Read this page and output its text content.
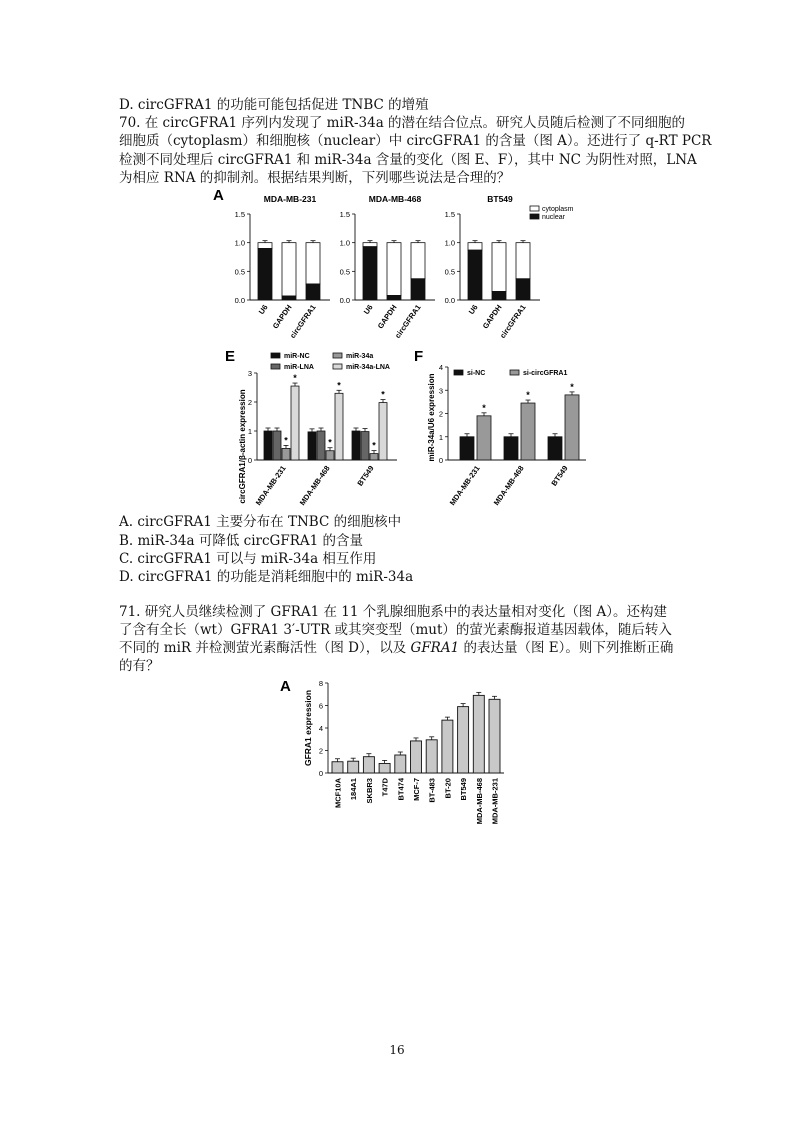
D. circGFRA1 的功能可能包括促进 TNBC 的增殖
70. 在 circGFRA1 序列内发现了 miR-34a 的潜在结合位点。研究人员随后检测了不同细胞的
细胞质（cytoplasm）和细胞核（nuclear）中 circGFRA1 的含量（图 A）。还进行了 q-RT PCR
检测不同处理后 circGFRA1 和 miR-34a 含量的变化（图 E、F），其中 NC 为阴性对照，LNA
为相应 RNA 的抑制剂。根据结果判断，下列哪些说法是合理的？
A	MDA-MB-231
0.0
0.5
1.0
1.5
U6 GAPDH
circGFRA1
MDA-MB-468
0.0
0.5
1.0
1.5
U6 GAPDH
circGFRA1
BT549
0.0
0.5
1.0
1.5
U6 GAPDH
circGFRA1
cytoplasm
nuclear
E
0
1
2
3
circGFRA1/β-actin expression	*
*
MDA-MB-231
*
*
MDA-MB-468
*
*
BT549
miR-NC	miR-34a
miR-LNA	miR-34a-LNA
F
0
1
2
3
4
miR-34a/U6 expression	*
MDA-MB-231
*
MDA-MB-468
*
BT549
si-NC	si-circGFRA1
A. circGFRA1 主要分布在 TNBC 的细胞核中
B. miR-34a 可降低 circGFRA1 的含量
C. circGFRA1 可以与 miR-34a 相互作用
D. circGFRA1 的功能是消耗细胞中的 miR-34a
71. 研究人员继续检测了 GFRA1 在 11 个乳腺细胞系中的表达量相对变化（图 A）。还构建
了含有全长（wt）GFRA1 3′-UTR 或其突变型（mut）的萤光素酶报道基因载体，随后转入
不同的 miR 并检测萤光素酶活性（图 D），以及 GFRA1 的表达量（图 E）。则下列推断正确
的有？
A
0
2
4
6
8
GFRA1 expression
MCF10A 184A1 SKBR3 T47D BT474 MCF-7 BT-483 BT-20 BT549 MDA-MB-468 MDA-MB-231
16
